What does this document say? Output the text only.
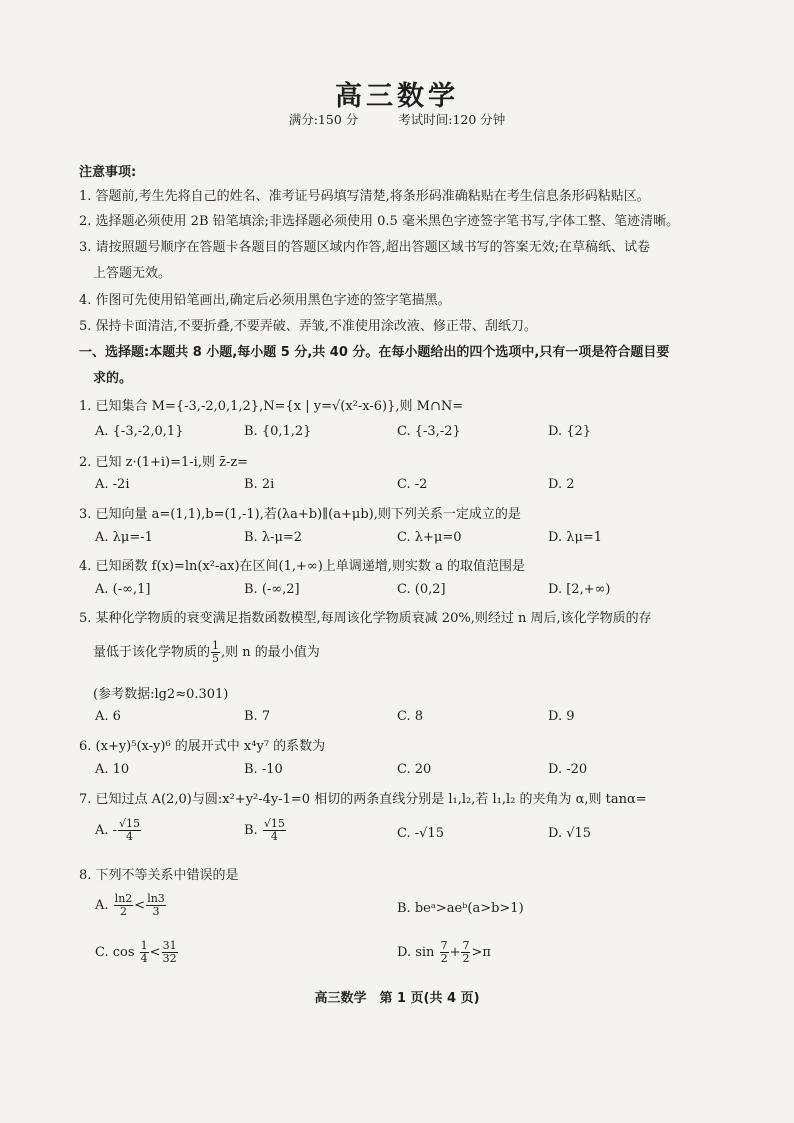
高三数学
满分:150 分	考试时间:120 分钟
注意事项:
1. 答题前,考生先将自己的姓名、准考证号码填写清楚,将条形码准确粘贴在考生信息条形码粘贴区。
2. 选择题必须使用 2B 铅笔填涂;非选择题必须使用 0.5 毫米黑色字迹签字笔书写,字体工整、笔迹清晰。
3. 请按照题号顺序在答题卡各题目的答题区域内作答,超出答题区域书写的答案无效;在草稿纸、试卷
上答题无效。
4. 作图可先使用铅笔画出,确定后必须用黑色字迹的签字笔描黑。
5. 保持卡面清洁,不要折叠,不要弄破、弄皱,不准使用涂改液、修正带、刮纸刀。
一、选择题:本题共 8 小题,每小题 5 分,共 40 分。在每小题给出的四个选项中,只有一项是符合题目要
求的。
1. 已知集合 M={-3,-2,0,1,2},N={x | y=√(x²-x-6)},则 M∩N=
A. {-3,-2,0,1}	B. {0,1,2}	C. {-3,-2}	D. {2}
2. 已知 z·(1+i)=1-i,则 z̄-z=
A. -2i	B. 2i	C. -2	D. 2
3. 已知向量 a=(1,1),b=(1,-1),若(λa+b)∥(a+μb),则下列关系一定成立的是
A. λμ=-1	B. λ-μ=2	C. λ+μ=0	D. λμ=1
4. 已知函数 f(x)=ln(x²-ax)在区间(1,+∞)上单调递增,则实数 a 的取值范围是
A. (-∞,1]	B. (-∞,2]	C. (0,2]	D. [2,+∞)
5. 某种化学物质的衰变满足指数函数模型,每周该化学物质衰减 20%,则经过 n 周后,该化学物质的存
量低于该化学物质的 $\frac{1}{5}$ ,则 n 的最小值为
(参考数据:lg2≈0.301)
A. 6	B. 7	C. 8	D. 9
6. (x+y)⁵(x-y)⁶ 的展开式中 x⁴y⁷ 的系数为
A. 10	B. -10	C. 20	D. -20
7. 已知过点 A(2,0)与圆:x²+y²-4y-1=0 相切的两条直线分别是 l₁,l₂,若 l₁,l₂ 的夹角为 α,则 tanα=
A. - $\frac{√15}{4}$	B. $\frac{√15}{4}$	C. -√15	D. √15
8. 下列不等关系中错误的是
A. $\frac{\ln 2}{2} < \frac{\ln 3}{3}$	B. beᵃ>aeᵇ(a>b>1)
C. $\cos \frac{1}{4} < \frac{31}{32}$	D. $\sin \frac{7}{2} + \frac{7}{2} >\pi$
高三数学　第 1 页(共 4 页)
